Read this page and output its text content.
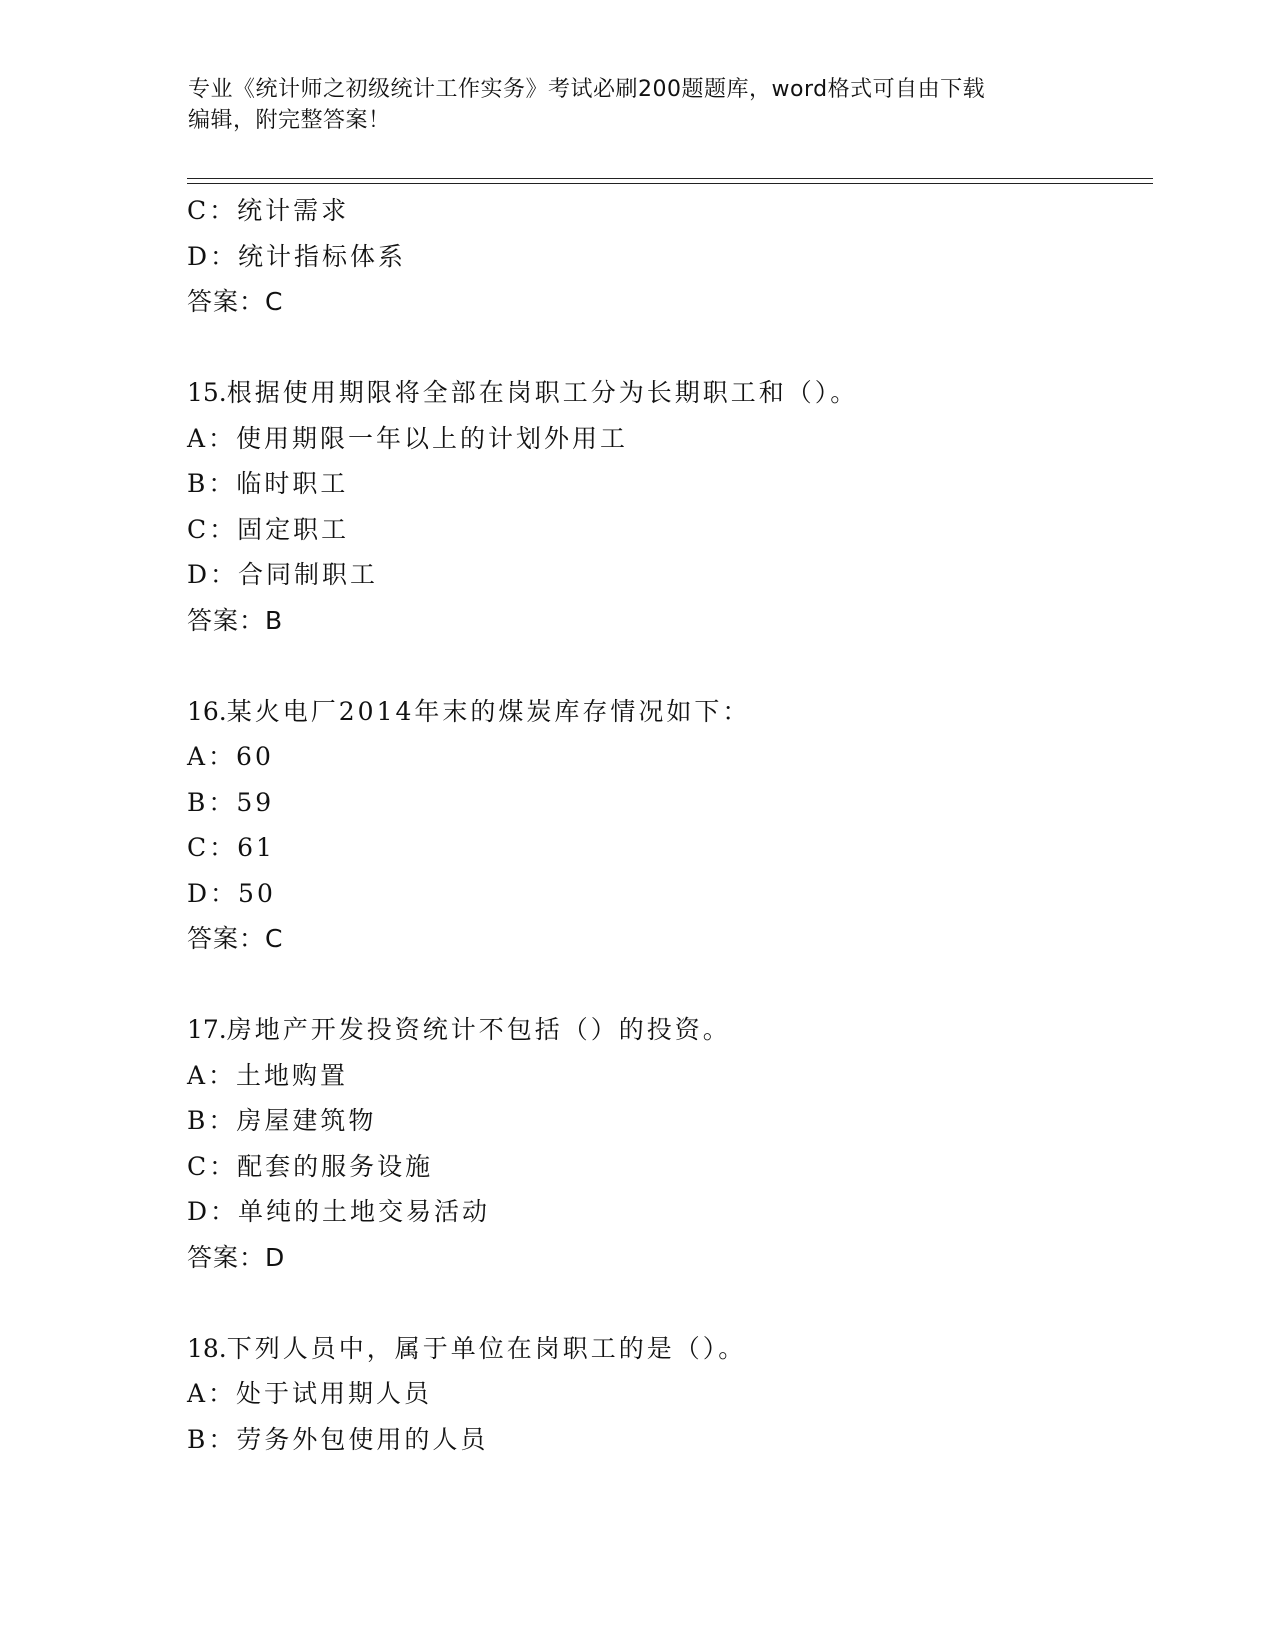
专业《统计师之初级统计工作实务》考试必刷200题题库，word格式可自由下载
编辑，附完整答案！
C：统计需求
D：统计指标体系
答案：C
15.根据使用期限将全部在岗职工分为长期职工和（）。
A：使用期限一年以上的计划外用工
B：临时职工
C：固定职工
D：合同制职工
答案：B
16.某火电厂2014年末的煤炭库存情况如下：
A：60
B：59
C：61
D：50
答案：C
17.房地产开发投资统计不包括（）的投资。
A：土地购置
B：房屋建筑物
C：配套的服务设施
D：单纯的土地交易活动
答案：D
18.下列人员中，属于单位在岗职工的是（）。
A：处于试用期人员
B：劳务外包使用的人员
